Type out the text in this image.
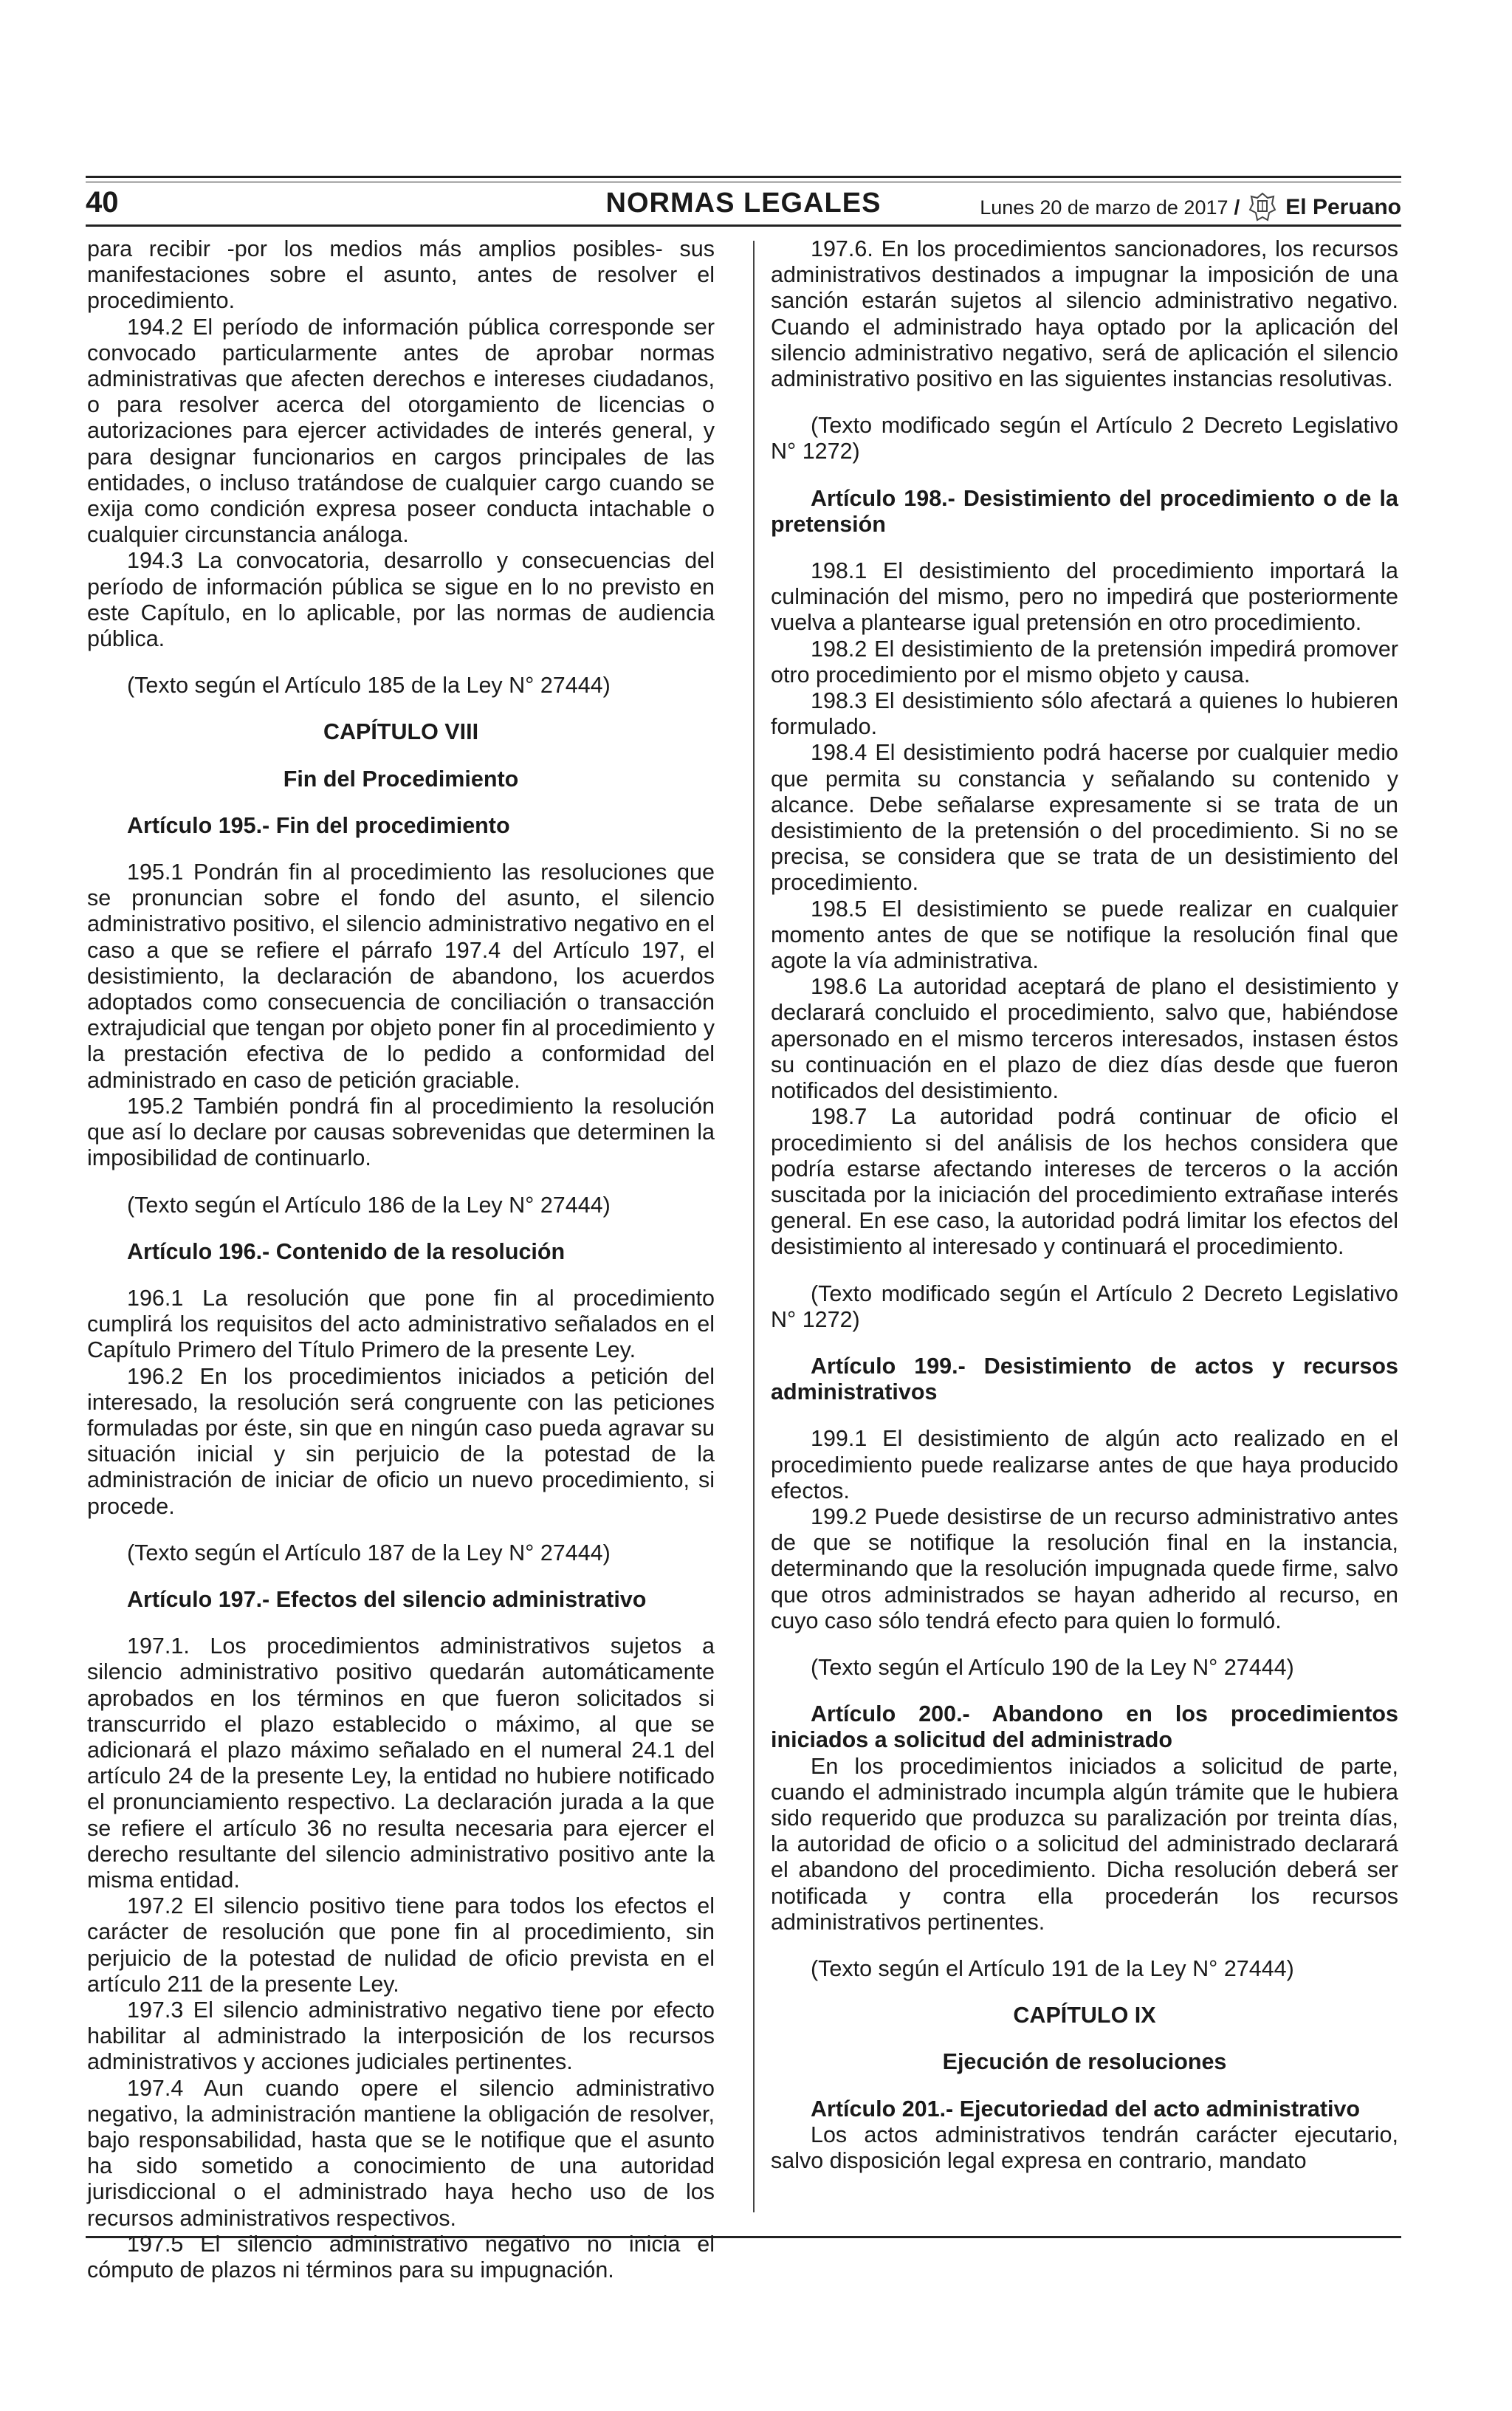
40	NORMAS LEGALES	Lunes 20 de marzo de 2017 / El Peruano

para recibir -por los medios más amplios posibles- sus manifestaciones sobre el asunto, antes de resolver el procedimiento.

194.2 El período de información pública corresponde ser convocado particularmente antes de aprobar normas administrativas que afecten derechos e intereses ciudadanos, o para resolver acerca del otorgamiento de licencias o autorizaciones para ejercer actividades de interés general, y para designar funcionarios en cargos principales de las entidades, o incluso tratándose de cualquier cargo cuando se exija como condición expresa poseer conducta intachable o cualquier circunstancia análoga.

194.3 La convocatoria, desarrollo y consecuencias del período de información pública se sigue en lo no previsto en este Capítulo, en lo aplicable, por las normas de audiencia pública.

(Texto según el Artículo 185 de la Ley N° 27444)

CAPÍTULO VIII
Fin del Procedimiento
Artículo 195.- Fin del procedimiento

195.1 Pondrán fin al procedimiento las resoluciones que se pronuncian sobre el fondo del asunto, el silencio administrativo positivo, el silencio administrativo negativo en el caso a que se refiere el párrafo 197.4 del Artículo 197, el desistimiento, la declaración de abandono, los acuerdos adoptados como consecuencia de conciliación o transacción extrajudicial que tengan por objeto poner fin al procedimiento y la prestación efectiva de lo pedido a conformidad del administrado en caso de petición graciable.

195.2 También pondrá fin al procedimiento la resolución que así lo declare por causas sobrevenidas que determinen la imposibilidad de continuarlo.

(Texto según el Artículo 186 de la Ley N° 27444)

Artículo 196.- Contenido de la resolución

196.1 La resolución que pone fin al procedimiento cumplirá los requisitos del acto administrativo señalados en el Capítulo Primero del Título Primero de la presente Ley.

196.2 En los procedimientos iniciados a petición del interesado, la resolución será congruente con las peticiones formuladas por éste, sin que en ningún caso pueda agravar su situación inicial y sin perjuicio de la potestad de la administración de iniciar de oficio un nuevo procedimiento, si procede.

(Texto según el Artículo 187 de la Ley N° 27444)

Artículo 197.- Efectos del silencio administrativo

197.1. Los procedimientos administrativos sujetos a silencio administrativo positivo quedarán automáticamente aprobados en los términos en que fueron solicitados si transcurrido el plazo establecido o máximo, al que se adicionará el plazo máximo señalado en el numeral 24.1 del artículo 24 de la presente Ley, la entidad no hubiere notificado el pronunciamiento respectivo. La declaración jurada a la que se refiere el artículo 36 no resulta necesaria para ejercer el derecho resultante del silencio administrativo positivo ante la misma entidad.

197.2 El silencio positivo tiene para todos los efectos el carácter de resolución que pone fin al procedimiento, sin perjuicio de la potestad de nulidad de oficio prevista en el artículo 211 de la presente Ley.

197.3 El silencio administrativo negativo tiene por efecto habilitar al administrado la interposición de los recursos administrativos y acciones judiciales pertinentes.

197.4 Aun cuando opere el silencio administrativo negativo, la administración mantiene la obligación de resolver, bajo responsabilidad, hasta que se le notifique que el asunto ha sido sometido a conocimiento de una autoridad jurisdiccional o el administrado haya hecho uso de los recursos administrativos respectivos.

197.5 El silencio administrativo negativo no inicia el cómputo de plazos ni términos para su impugnación.

197.6. En los procedimientos sancionadores, los recursos administrativos destinados a impugnar la imposición de una sanción estarán sujetos al silencio administrativo negativo. Cuando el administrado haya optado por la aplicación del silencio administrativo negativo, será de aplicación el silencio administrativo positivo en las siguientes instancias resolutivas.

(Texto modificado según el Artículo 2 Decreto Legislativo N° 1272)

Artículo 198.- Desistimiento del procedimiento o de la pretensión

198.1 El desistimiento del procedimiento importará la culminación del mismo, pero no impedirá que posteriormente vuelva a plantearse igual pretensión en otro procedimiento.

198.2 El desistimiento de la pretensión impedirá promover otro procedimiento por el mismo objeto y causa.

198.3 El desistimiento sólo afectará a quienes lo hubieren formulado.

198.4 El desistimiento podrá hacerse por cualquier medio que permita su constancia y señalando su contenido y alcance. Debe señalarse expresamente si se trata de un desistimiento de la pretensión o del procedimiento. Si no se precisa, se considera que se trata de un desistimiento del procedimiento.

198.5 El desistimiento se puede realizar en cualquier momento antes de que se notifique la resolución final que agote la vía administrativa.

198.6 La autoridad aceptará de plano el desistimiento y declarará concluido el procedimiento, salvo que, habiéndose apersonado en el mismo terceros interesados, instasen éstos su continuación en el plazo de diez días desde que fueron notificados del desistimiento.

198.7 La autoridad podrá continuar de oficio el procedimiento si del análisis de los hechos considera que podría estarse afectando intereses de terceros o la acción suscitada por la iniciación del procedimiento extrañase interés general. En ese caso, la autoridad podrá limitar los efectos del desistimiento al interesado y continuará el procedimiento.

(Texto modificado según el Artículo 2 Decreto Legislativo N° 1272)

Artículo 199.- Desistimiento de actos y recursos administrativos

199.1 El desistimiento de algún acto realizado en el procedimiento puede realizarse antes de que haya producido efectos.

199.2 Puede desistirse de un recurso administrativo antes de que se notifique la resolución final en la instancia, determinando que la resolución impugnada quede firme, salvo que otros administrados se hayan adherido al recurso, en cuyo caso sólo tendrá efecto para quien lo formuló.

(Texto según el Artículo 190 de la Ley N° 27444)

Artículo 200.- Abandono en los procedimientos iniciados a solicitud del administrado

En los procedimientos iniciados a solicitud de parte, cuando el administrado incumpla algún trámite que le hubiera sido requerido que produzca su paralización por treinta días, la autoridad de oficio o a solicitud del administrado declarará el abandono del procedimiento. Dicha resolución deberá ser notificada y contra ella procederán los recursos administrativos pertinentes.

(Texto según el Artículo 191 de la Ley N° 27444)

CAPÍTULO IX
Ejecución de resoluciones
Artículo 201.- Ejecutoriedad del acto administrativo

Los actos administrativos tendrán carácter ejecutario, salvo disposición legal expresa en contrario, mandato
